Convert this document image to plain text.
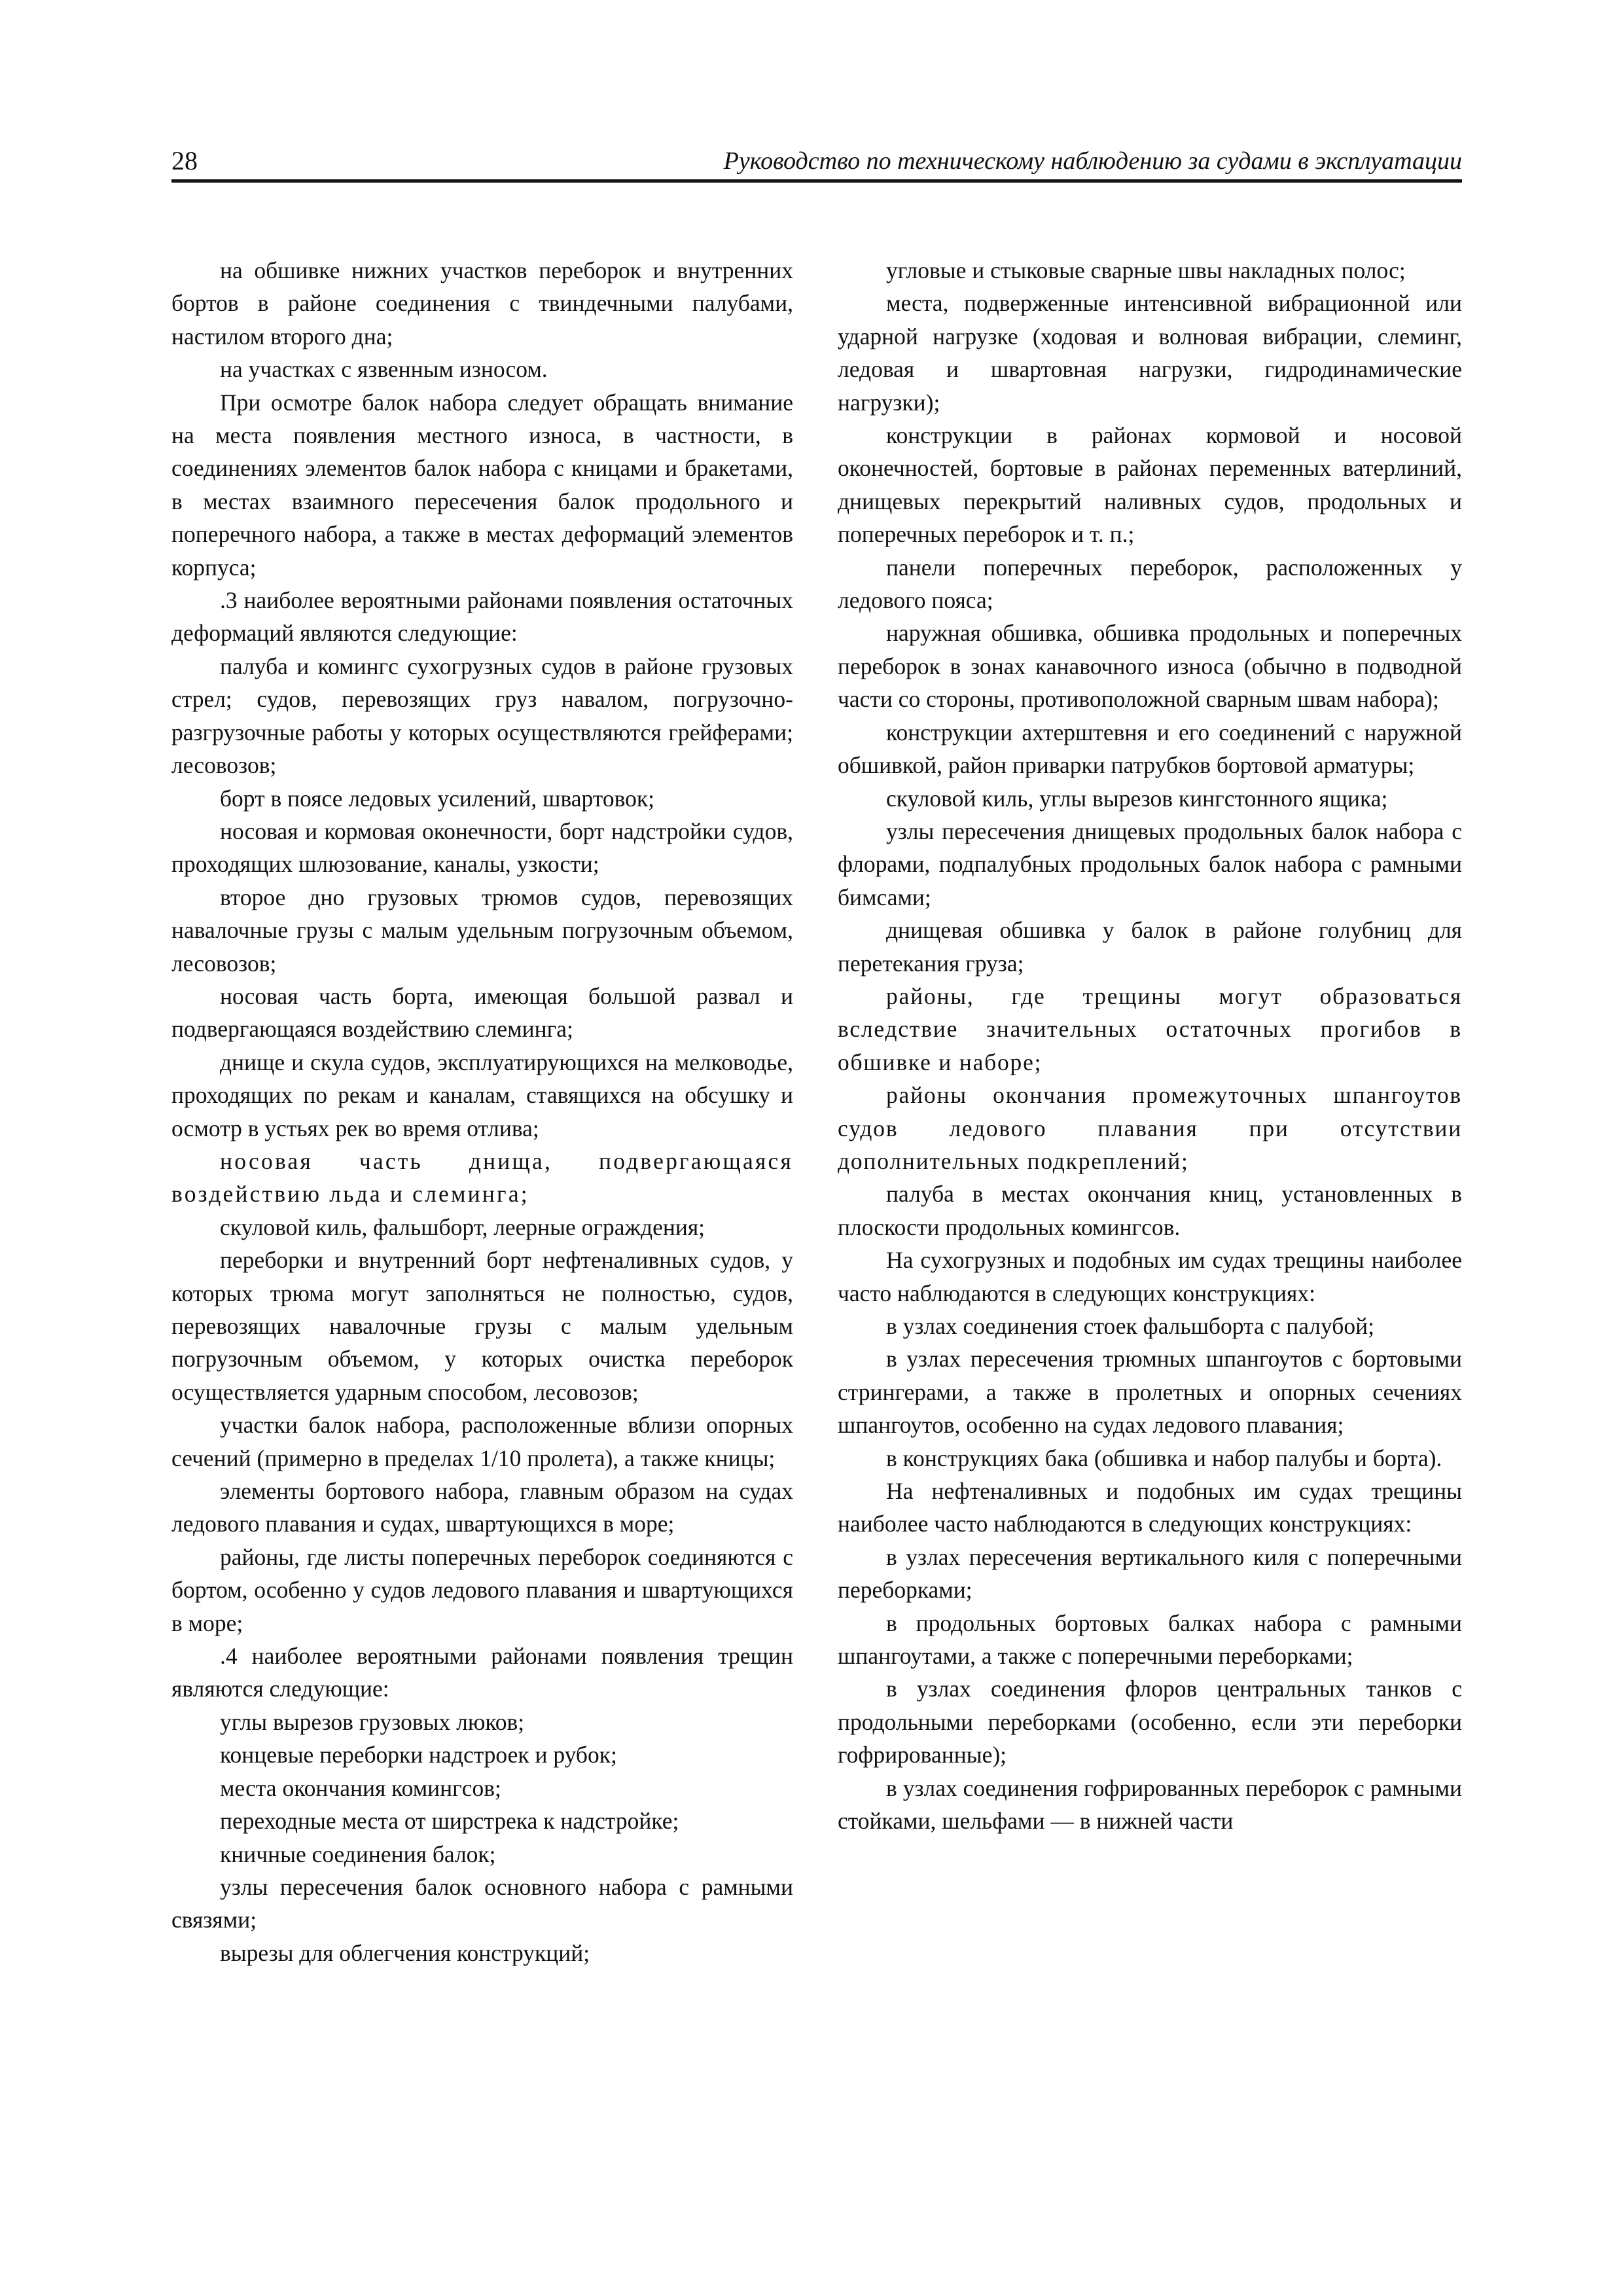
28	Руководство по техническому наблюдению за судами в эксплуатации

на обшивке нижних участков переборок и внутренних бортов в районе соединения с твиндечными палубами, настилом второго дна;

на участках с язвенным износом.

При осмотре балок набора следует обращать внимание на места появления местного износа, в частности, в соединениях элементов балок набора с кницами и бракетами, в местах взаимного пересечения балок продольного и поперечного набора, а также в местах деформаций элементов корпуса;

.3 наиболее вероятными районами появления остаточных деформаций являются следующие:

палуба и комингс сухогрузных судов в районе грузовых стрел; судов, перевозящих груз навалом, погрузочно-разгрузочные работы у которых осуществляются грейферами; лесовозов;

борт в поясе ледовых усилений, швартовок;

носовая и кормовая оконечности, борт надстройки судов, проходящих шлюзование, каналы, узкости;

второе дно грузовых трюмов судов, перевозящих навалочные грузы с малым удельным погрузочным объемом, лесовозов;

носовая часть борта, имеющая большой развал и подвергающаяся воздействию слеминга;

днище и скула судов, эксплуатирующихся на мелководье, проходящих по рекам и каналам, ставящихся на обсушку и осмотр в устьях рек во время отлива;

носовая часть днища, подвергающаяся воздействию льда и слеминга;

скуловой киль, фальшборт, леерные ограждения;

переборки и внутренний борт нефтеналивных судов, у которых трюма могут заполняться не полностью, судов, перевозящих навалочные грузы с малым удельным погрузочным объемом, у которых очистка переборок осуществляется ударным способом, лесовозов;

участки балок набора, расположенные вблизи опорных сечений (примерно в пределах 1/10 пролета), а также кницы;

элементы бортового набора, главным образом на судах ледового плавания и судах, швартующихся в море;

районы, где листы поперечных переборок соединяются с бортом, особенно у судов ледового плавания и швартующихся в море;

.4 наиболее вероятными районами появления трещин являются следующие:

углы вырезов грузовых люков;

концевые переборки надстроек и рубок;

места окончания комингсов;

переходные места от ширстрека к надстройке;

кничные соединения балок;

узлы пересечения балок основного набора с рамными связями;

вырезы для облегчения конструкций;

угловые и стыковые сварные швы накладных полос;

места, подверженные интенсивной вибрационной или ударной нагрузке (ходовая и волновая вибрации, слеминг, ледовая и швартовная нагрузки, гидродинамические нагрузки);

конструкции в районах кормовой и носовой оконечностей, бортовые в районах переменных ватерлиний, днищевых перекрытий наливных судов, продольных и поперечных переборок и т. п.;

панели поперечных переборок, расположенных у ледового пояса;

наружная обшивка, обшивка продольных и поперечных переборок в зонах канавочного износа (обычно в подводной части со стороны, противоположной сварным швам набора);

конструкции ахтерштевня и его соединений с наружной обшивкой, район приварки патрубков бортовой арматуры;

скуловой киль, углы вырезов кингстонного ящика;

узлы пересечения днищевых продольных балок набора с флорами, подпалубных продольных балок набора с рамными бимсами;

днищевая обшивка у балок в районе голубниц для перетекания груза;

районы, где трещины могут образоваться вследствие значительных остаточных прогибов в обшивке и наборе;

районы окончания промежуточных шпангоутов судов ледового плавания при отсутствии дополнительных подкреплений;

палуба в местах окончания книц, установленных в плоскости продольных комингсов.

На сухогрузных и подобных им судах трещины наиболее часто наблюдаются в следующих конструкциях:

в узлах соединения стоек фальшборта с палубой;

в узлах пересечения трюмных шпангоутов с бортовыми стрингерами, а также в пролетных и опорных сечениях шпангоутов, особенно на судах ледового плавания;

в конструкциях бака (обшивка и набор палубы и борта).

На нефтеналивных и подобных им судах трещины наиболее часто наблюдаются в следующих конструкциях:

в узлах пересечения вертикального киля с поперечными переборками;

в продольных бортовых балках набора с рамными шпангоутами, а также с поперечными переборками;

в узлах соединения флоров центральных танков с продольными переборками (особенно, если эти переборки гофрированные);

в узлах соединения гофрированных переборок с рамными стойками, шельфами — в нижней части
